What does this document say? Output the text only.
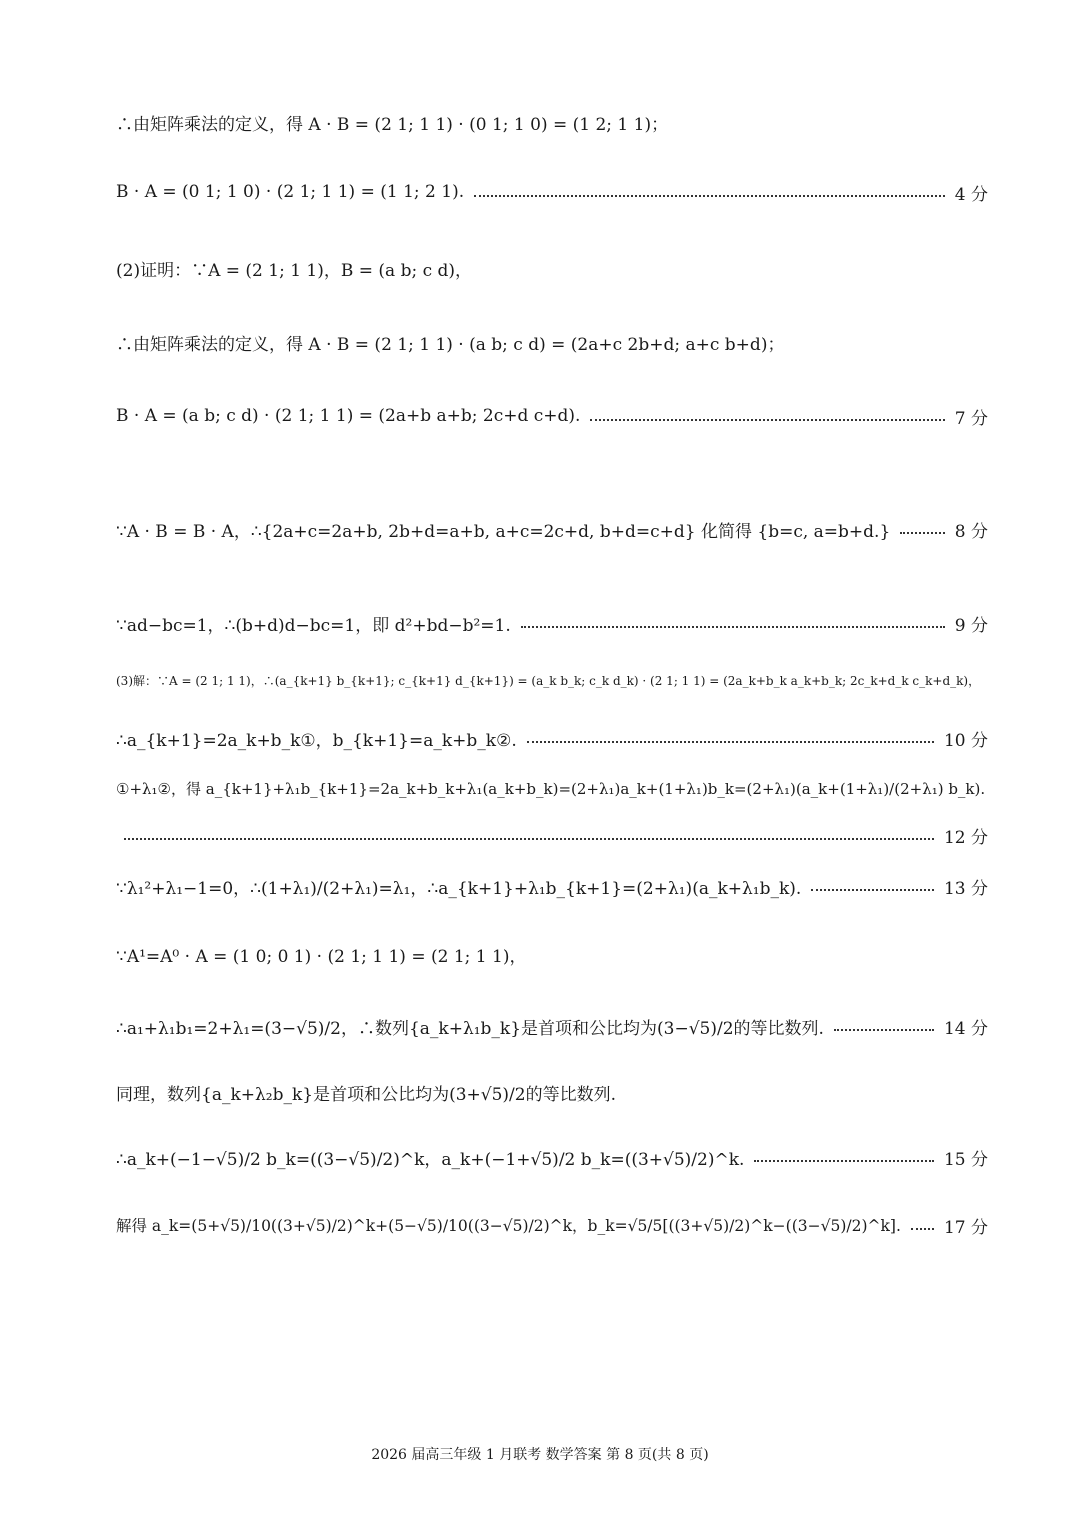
∴由矩阵乘法的定义，得 A · B = (2 1; 1 1) · (0 1; 1 0) = (1 2; 1 1)；
B · A = (0 1; 1 0) · (2 1; 1 1) = (1 1; 2 1).	4 分
(2)证明：∵A = (2 1; 1 1)，B = (a b; c d)，
∴由矩阵乘法的定义，得 A · B = (2 1; 1 1) · (a b; c d) = (2a+c 2b+d; a+c b+d)；
B · A = (a b; c d) · (2 1; 1 1) = (2a+b a+b; 2c+d c+d).	7 分
∵A · B = B · A，∴{2a+c=2a+b, 2b+d=a+b, a+c=2c+d, b+d=c+d} 化简得 {b=c, a=b+d.}	8 分
∵ad−bc=1，∴(b+d)d−bc=1，即 d²+bd−b²=1.	9 分
(3)解：∵A = (2 1; 1 1)，∴(a_{k+1} b_{k+1}; c_{k+1} d_{k+1}) = (a_k b_k; c_k d_k) · (2 1; 1 1) = (2a_k+b_k a_k+b_k; 2c_k+d_k c_k+d_k)，
∴a_{k+1}=2a_k+b_k①，b_{k+1}=a_k+b_k②.	10 分
①+λ₁②，得 a_{k+1}+λ₁b_{k+1}=2a_k+b_k+λ₁(a_k+b_k)=(2+λ₁)a_k+(1+λ₁)b_k=(2+λ₁)(a_k+(1+λ₁)/(2+λ₁) b_k).
12 分
∵λ₁²+λ₁−1=0，∴(1+λ₁)/(2+λ₁)=λ₁，∴a_{k+1}+λ₁b_{k+1}=(2+λ₁)(a_k+λ₁b_k).	13 分
∵A¹=A⁰ · A = (1 0; 0 1) · (2 1; 1 1) = (2 1; 1 1)，
∴a₁+λ₁b₁=2+λ₁=(3−√5)/2，∴数列{a_k+λ₁b_k}是首项和公比均为(3−√5)/2的等比数列.	14 分
同理，数列{a_k+λ₂b_k}是首项和公比均为(3+√5)/2的等比数列.
∴a_k+(−1−√5)/2 b_k=((3−√5)/2)^k，a_k+(−1+√5)/2 b_k=((3+√5)/2)^k.	15 分
解得 a_k=(5+√5)/10((3+√5)/2)^k+(5−√5)/10((3−√5)/2)^k，b_k=√5/5[((3+√5)/2)^k−((3−√5)/2)^k].	17 分
2026 届高三年级 1 月联考 数学答案 第 8 页(共 8 页)
